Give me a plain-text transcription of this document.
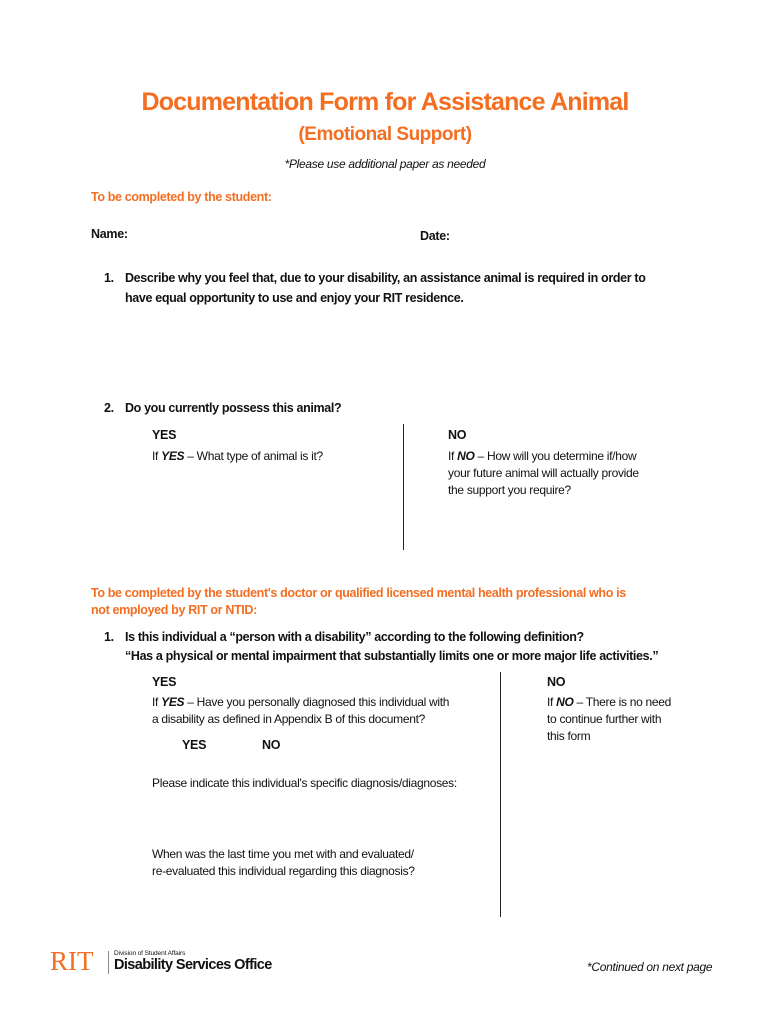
Documentation Form for Assistance Animal
(Emotional Support)
*Please use additional paper as needed
To be completed by the student:
Name:	Date:
1. Describe why you feel that, due to your disability, an assistance animal is required in order to
have equal opportunity to use and enjoy your RIT residence.
2. Do you currently possess this animal?
YES
If YES – What type of animal is it?
NO
If NO – How will you determine if/how
your future animal will actually provide
the support you require?
To be completed by the student's doctor or qualified licensed mental health professional who is
not employed by RIT or NTID:
1. Is this individual a “person with a disability” according to the following definition?
“Has a physical or mental impairment that substantially limits one or more major life activities.”
YES
If YES – Have you personally diagnosed this individual with
a disability as defined in Appendix B of this document?
YES	NO
Please indicate this individual's specific diagnosis/diagnoses:
When was the last time you met with and evaluated/
re-evaluated this individual regarding this diagnosis?
NO
If NO – There is no need
to continue further with
this form
RIT	Division of Student Affairs
Disability Services Office	*Continued on next page
